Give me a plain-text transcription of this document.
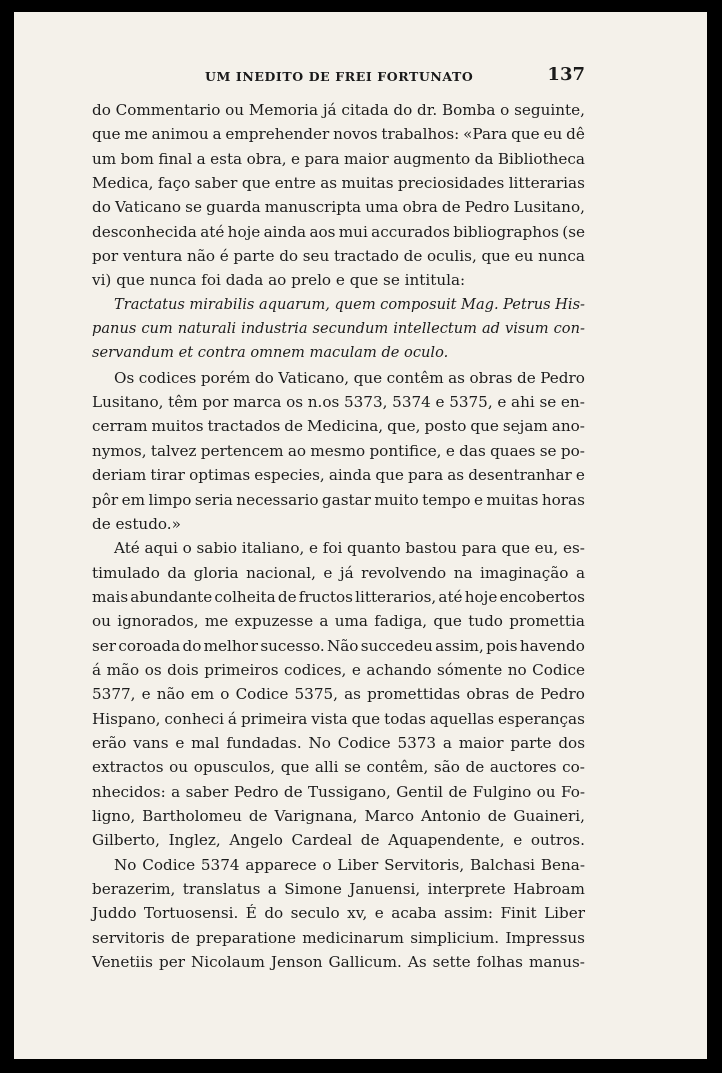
UM INEDITO DE FREI FORTUNATO	137
do Commentario ou Memoria já citada do dr. Bomba o seguinte,
que me animou a emprehender novos trabalhos: «Para que eu dê
um bom final a esta obra, e para maior augmento da Bibliotheca
Medica, faço saber que entre as muitas preciosidades litterarias
do Vaticano se guarda manuscripta uma obra de Pedro Lusitano,
desconhecida até hoje ainda aos mui accurados bibliographos (se
por ventura não é parte do seu tractado de oculis, que eu nunca
vi) que nunca foi dada ao prelo e que se intitula:
Tractatus mirabilis aquarum, quem composuit Mag. Petrus His-
panus cum naturali industria secundum intellectum ad visum con-
servandum et contra omnem maculam de oculo.
Os codices porém do Vaticano, que contêm as obras de Pedro
Lusitano, têm por marca os n.os 5373, 5374 e 5375, e ahi se en-
cerram muitos tractados de Medicina, que, posto que sejam ano-
nymos, talvez pertencem ao mesmo pontifice, e das quaes se po-
deriam tirar optimas especies, ainda que para as desentranhar e
pôr em limpo seria necessario gastar muito tempo e muitas horas
de estudo.»
Até aqui o sabio italiano, e foi quanto bastou para que eu, es-
timulado da gloria nacional, e já revolvendo na imaginação a
mais abundante colheita de fructos litterarios, até hoje encobertos
ou ignorados, me expuzesse a uma fadiga, que tudo promettia
ser coroada do melhor sucesso. Não succedeu assim, pois havendo
á mão os dois primeiros codices, e achando sómente no Codice
5377, e não em o Codice 5375, as promettidas obras de Pedro
Hispano, conheci á primeira vista que todas aquellas esperanças
erão vans e mal fundadas. No Codice 5373 a maior parte dos
extractos ou opusculos, que alli se contêm, são de auctores co-
nhecidos: a saber Pedro de Tussigano, Gentil de Fulgino ou Fo-
ligno, Bartholomeu de Varignana, Marco Antonio de Guaineri,
Gilberto, Inglez, Angelo Cardeal de Aquapendente, e outros.
No Codice 5374 apparece o Liber Servitoris, Balchasi Bena-
berazerim, translatus a Simone Januensi, interprete Habroam
Juddo Tortuosensi. É do seculo xv, e acaba assim: Finit Liber
servitoris de preparatione medicinarum simplicium. Impressus
Venetiis per Nicolaum Jenson Gallicum. As sette folhas manus-
